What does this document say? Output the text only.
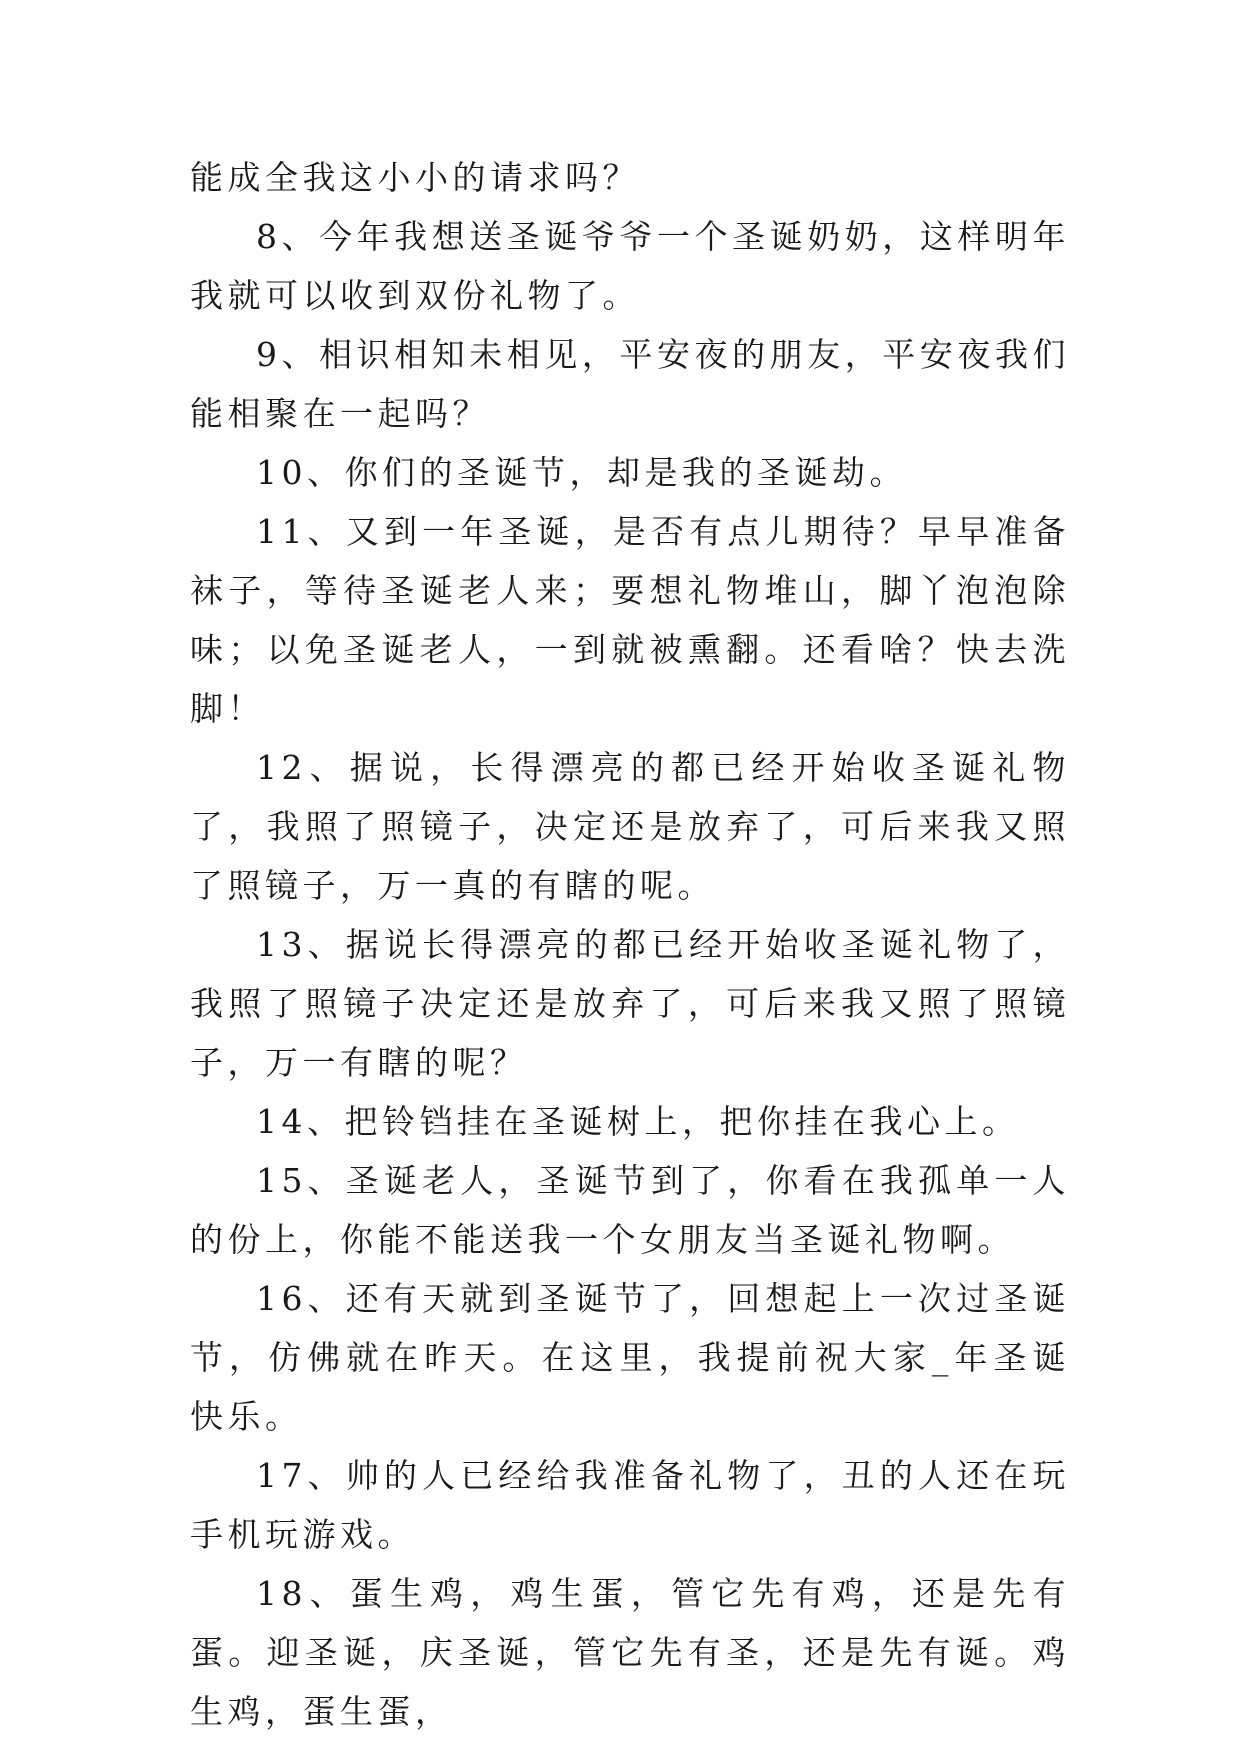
能成全我这小小的请求吗？

8、今年我想送圣诞爷爷一个圣诞奶奶，这样明年我就可以收到双份礼物了。

9、相识相知未相见，平安夜的朋友，平安夜我们能相聚在一起吗？

10、你们的圣诞节，却是我的圣诞劫。

11、又到一年圣诞，是否有点儿期待？早早准备袜子，等待圣诞老人来；要想礼物堆山，脚丫泡泡除味；以免圣诞老人，一到就被熏翻。还看啥？快去洗脚！

12、据说，长得漂亮的都已经开始收圣诞礼物了，我照了照镜子，决定还是放弃了，可后来我又照了照镜子，万一真的有瞎的呢。

13、据说长得漂亮的都已经开始收圣诞礼物了，我照了照镜子决定还是放弃了，可后来我又照了照镜子，万一有瞎的呢？

14、把铃铛挂在圣诞树上，把你挂在我心上。

15、圣诞老人，圣诞节到了，你看在我孤单一人的份上，你能不能送我一个女朋友当圣诞礼物啊。

16、还有天就到圣诞节了，回想起上一次过圣诞节，仿佛就在昨天。在这里，我提前祝大家_年圣诞快乐。

17、帅的人已经给我准备礼物了，丑的人还在玩手机玩游戏。

18、蛋生鸡，鸡生蛋，管它先有鸡，还是先有蛋。迎圣诞，庆圣诞，管它先有圣，还是先有诞。鸡生鸡，蛋生蛋，
